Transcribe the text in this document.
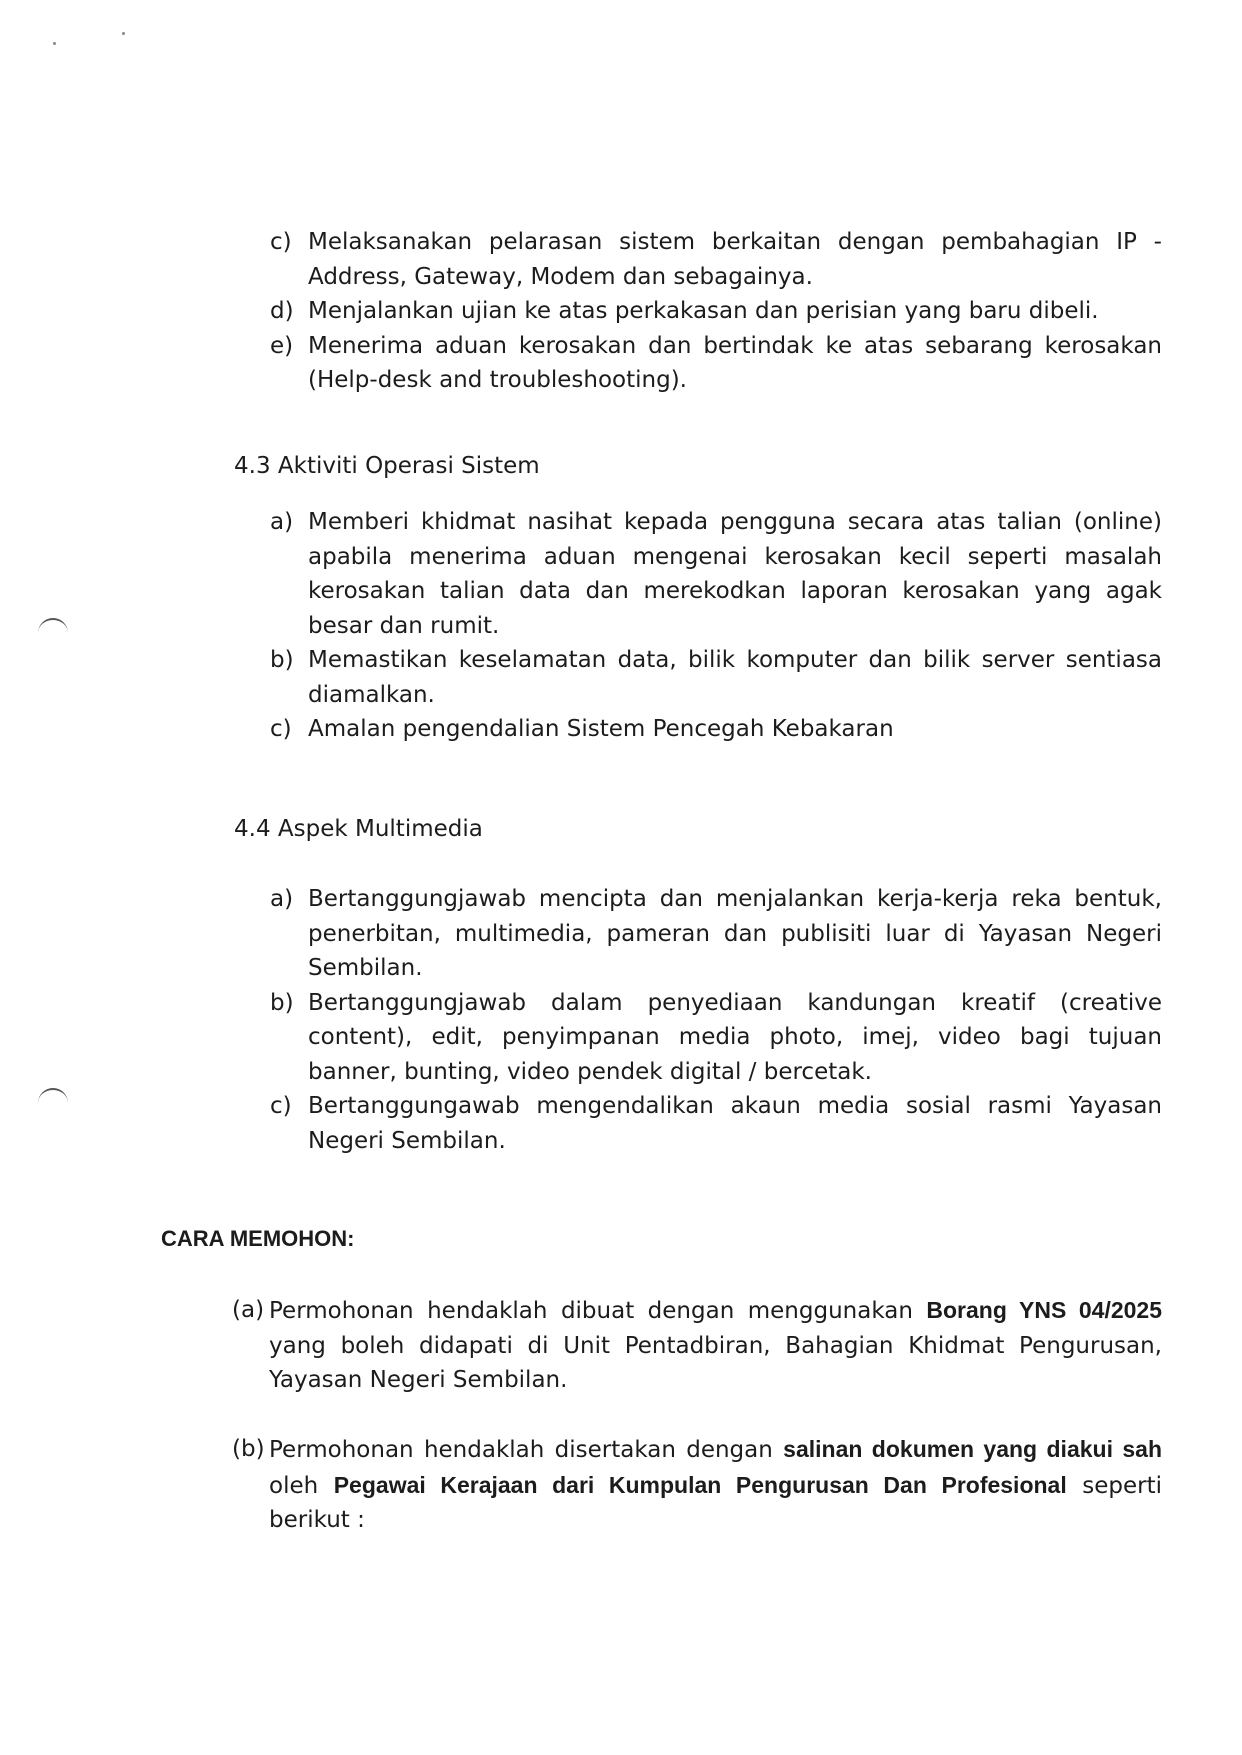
c) Melaksanakan pelarasan sistem berkaitan dengan pembahagian IP - Address, Gateway, Modem dan sebagainya.
d) Menjalankan ujian ke atas perkakasan dan perisian yang baru dibeli.
e) Menerima aduan kerosakan dan bertindak ke atas sebarang kerosakan (Help-desk and troubleshooting).
4.3 Aktiviti Operasi Sistem
a) Memberi khidmat nasihat kepada pengguna secara atas talian (online) apabila menerima aduan mengenai kerosakan kecil seperti masalah kerosakan talian data dan merekodkan laporan kerosakan yang agak besar dan rumit.
b) Memastikan keselamatan data, bilik komputer dan bilik server sentiasa diamalkan.
c) Amalan pengendalian Sistem Pencegah Kebakaran
4.4 Aspek Multimedia
a) Bertanggungjawab mencipta dan menjalankan kerja-kerja reka bentuk, penerbitan, multimedia, pameran dan publisiti luar di Yayasan Negeri Sembilan.
b) Bertanggungjawab dalam penyediaan kandungan kreatif (creative content), edit, penyimpanan media photo, imej, video bagi tujuan banner, bunting, video pendek digital / bercetak.
c) Bertanggungawab mengendalikan akaun media sosial rasmi Yayasan Negeri Sembilan.
CARA MEMOHON:
(a) Permohonan hendaklah dibuat dengan menggunakan Borang YNS 04/2025 yang boleh didapati di Unit Pentadbiran, Bahagian Khidmat Pengurusan, Yayasan Negeri Sembilan.
(b) Permohonan hendaklah disertakan dengan salinan dokumen yang diakui sah oleh Pegawai Kerajaan dari Kumpulan Pengurusan Dan Profesional seperti berikut :
